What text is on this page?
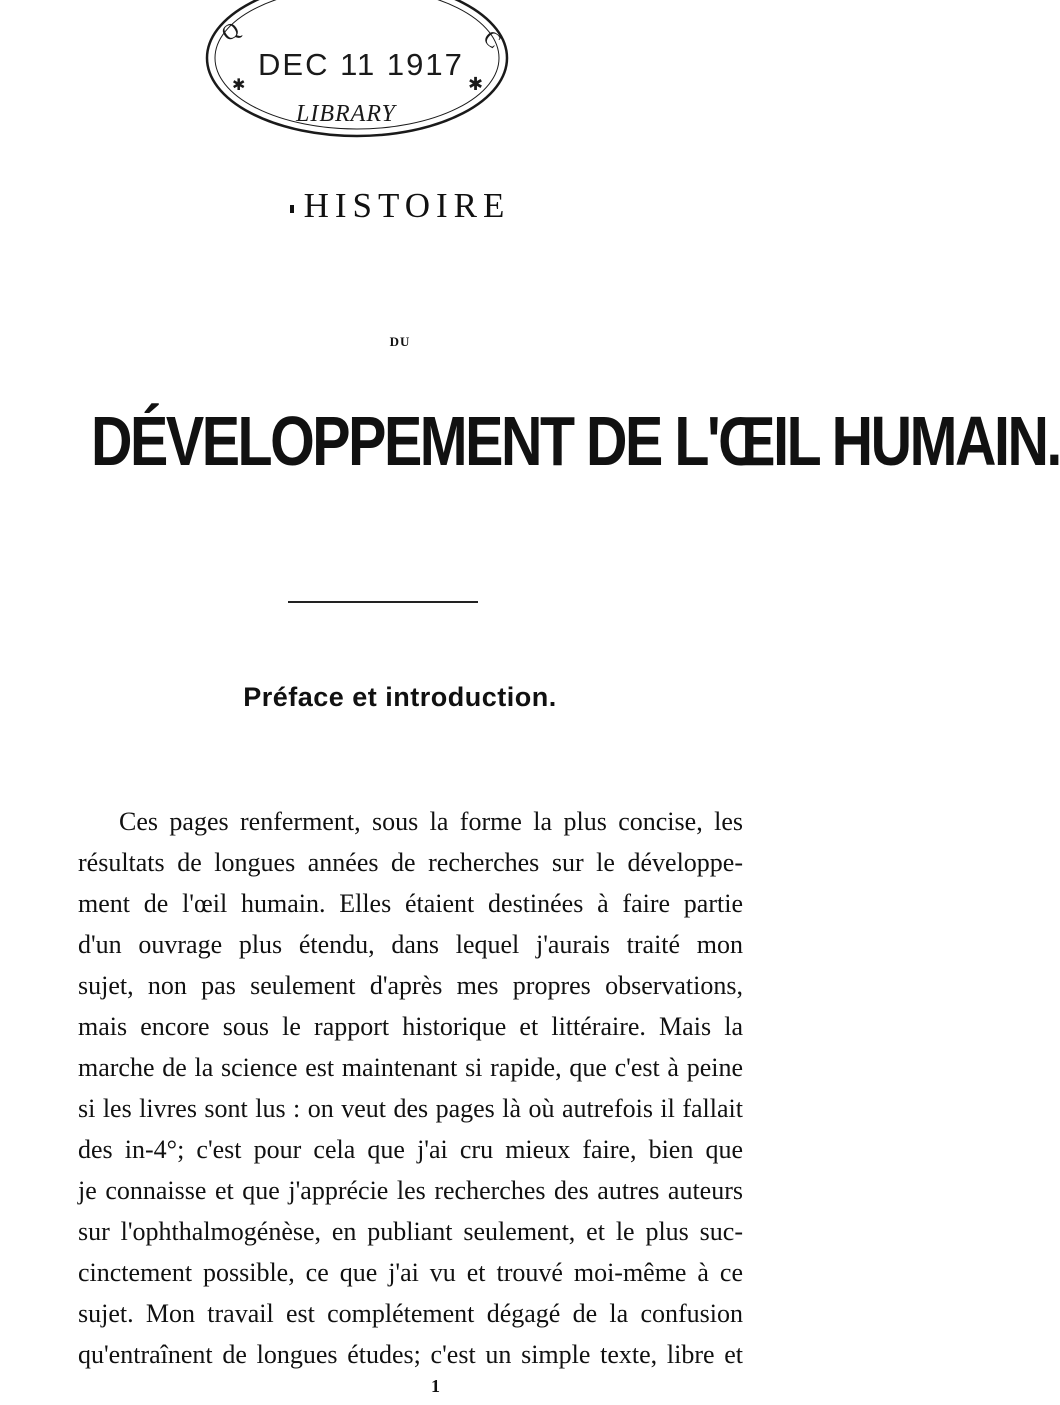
Q	C
✱	✱
DEC 11 1917
LIBRARY
HISTOIRE
DU
DÉVELOPPEMENT DE L'ŒIL HUMAIN.
Préface et introduction.
Ces pages renferment, sous la forme la plus concise, les
résultats de longues années de recherches sur le développe-
ment de l'œil humain. Elles étaient destinées à faire partie
d'un ouvrage plus étendu, dans lequel j'aurais traité mon
sujet, non pas seulement d'après mes propres observations,
mais encore sous le rapport historique et littéraire. Mais la
marche de la science est maintenant si rapide, que c'est à peine
si les livres sont lus : on veut des pages là où autrefois il fallait
des in-4°; c'est pour cela que j'ai cru mieux faire, bien que
je connaisse et que j'apprécie les recherches des autres auteurs
sur l'ophthalmogénèse, en publiant seulement, et le plus suc-
cinctement possible, ce que j'ai vu et trouvé moi-même à ce
sujet. Mon travail est complétement dégagé de la confusion
qu'entraînent de longues études; c'est un simple texte, libre et
1
